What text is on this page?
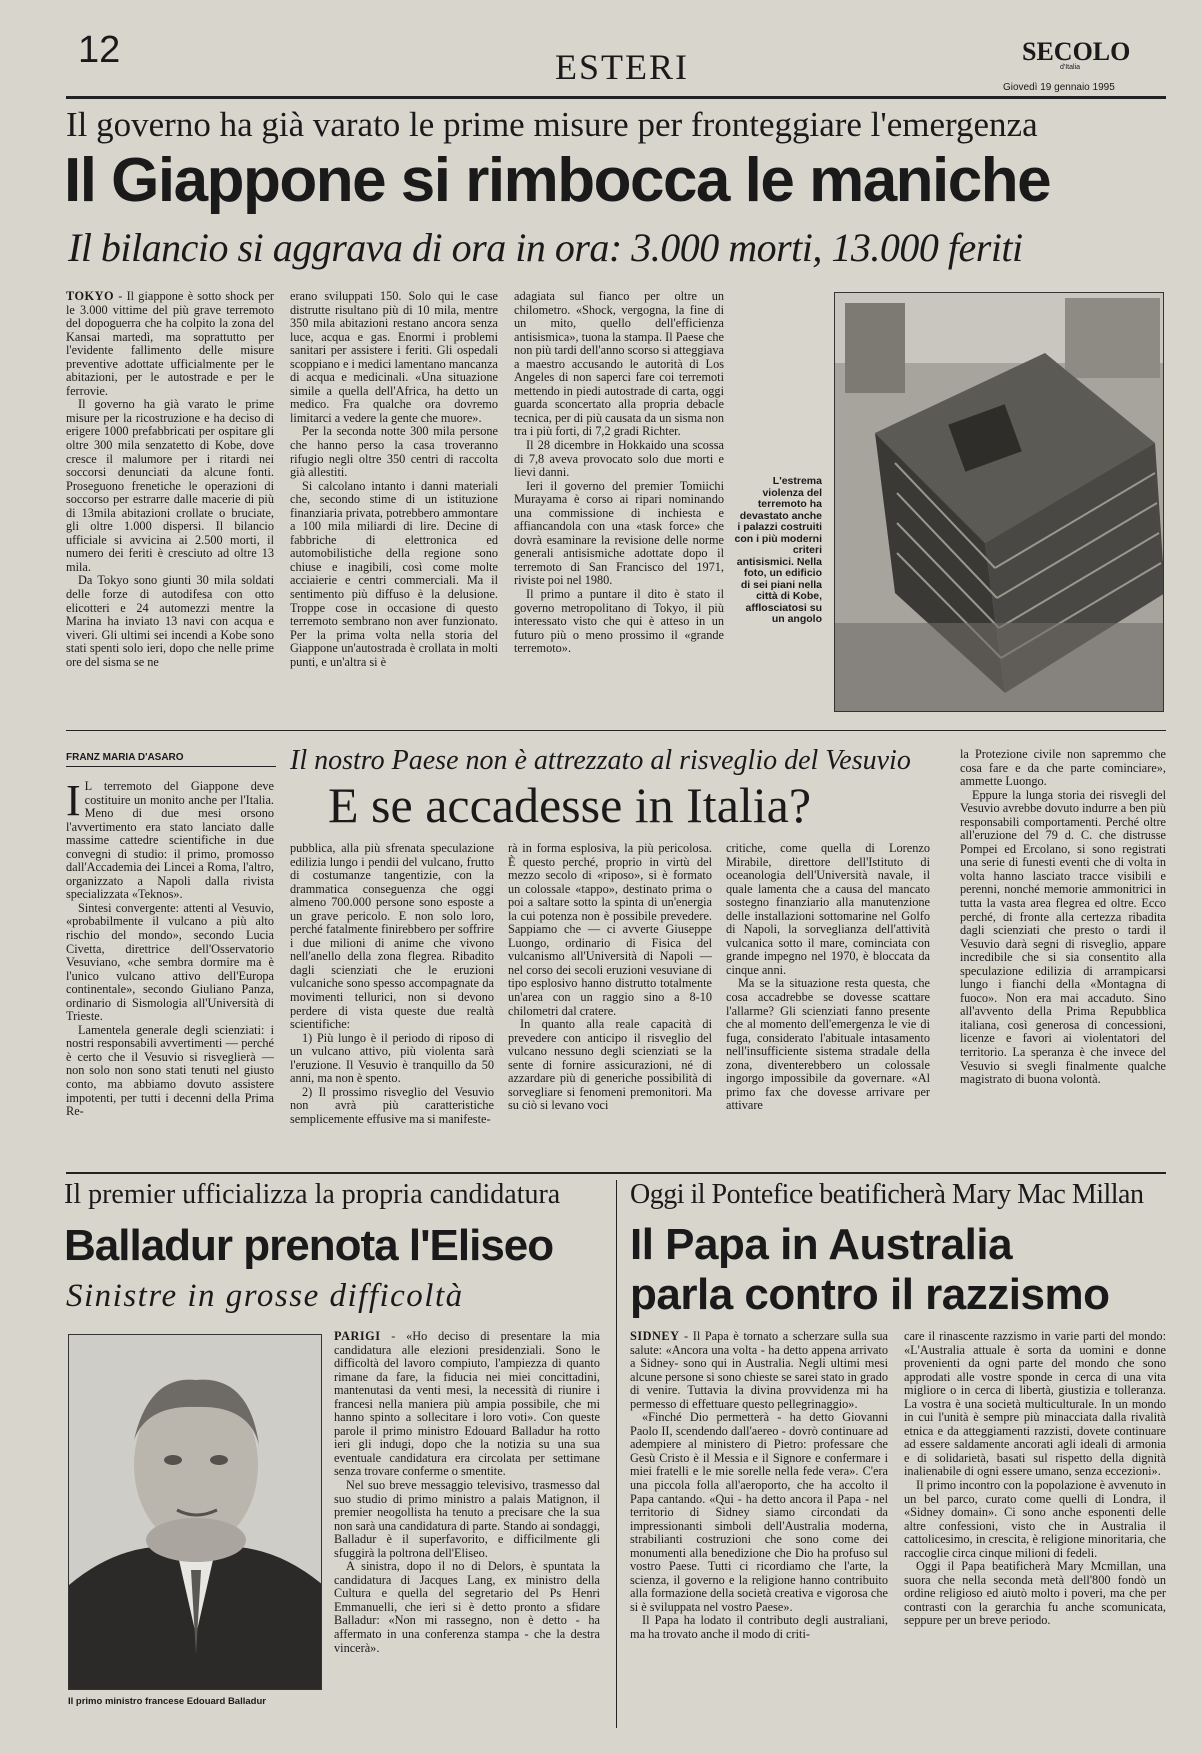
12	ESTERI	SECOLO
d'Italia
Giovedì 19 gennaio 1995
Il governo ha già varato le prime misure per fronteggiare l'emergenza
Il Giappone si rimbocca le maniche
Il bilancio si aggrava di ora in ora: 3.000 morti, 13.000 feriti

TOKYO - Il giappone è sotto shock per le 3.000 vittime del più grave terremoto del dopoguerra che ha colpito la zona del Kansai martedì, ma soprattutto per l'evidente fallimento delle misure preventive adottate ufficialmente per le abitazioni, per le autostrade e per le ferrovie.

Il governo ha già varato le prime misure per la ricostruzione e ha deciso di erigere 1000 prefabbricati per ospitare gli oltre 300 mila senzatetto di Kobe, dove cresce il malumore per i ritardi nei soccorsi denunciati da alcune fonti. Proseguono frenetiche le operazioni di soccorso per estrarre dalle macerie di più di 13mila abitazioni crollate o bruciate, gli oltre 1.000 dispersi. Il bilancio ufficiale si avvicina ai 2.500 morti, il numero dei feriti è cresciuto ad oltre 13 mila.

Da Tokyo sono giunti 30 mila soldati delle forze di autodifesa con otto elicotteri e 24 automezzi mentre la Marina ha inviato 13 navi con acqua e viveri. Gli ultimi sei incendi a Kobe sono stati spenti solo ieri, dopo che nelle prime ore del sisma se ne

erano sviluppati 150. Solo qui le case distrutte risultano più di 10 mila, mentre 350 mila abitazioni restano ancora senza luce, acqua e gas. Enormi i problemi sanitari per assistere i feriti. Gli ospedali scoppiano e i medici lamentano mancanza di acqua e medicinali. «Una situazione simile a quella dell'Africa, ha detto un medico. Fra qualche ora dovremo limitarci a vedere la gente che muore».

Per la seconda notte 300 mila persone che hanno perso la casa troveranno rifugio negli oltre 350 centri di raccolta già allestiti.

Si calcolano intanto i danni materiali che, secondo stime di un istituzione finanziaria privata, potrebbero ammontare a 100 mila miliardi di lire. Decine di fabbriche di elettronica ed automobilistiche della regione sono chiuse e inagibili, così come molte acciaierie e centri commerciali. Ma il sentimento più diffuso è la delusione. Troppe cose in occasione di questo terremoto sembrano non aver funzionato. Per la prima volta nella storia del Giappone un'autostrada è crollata in molti punti, e un'altra si è

adagiata sul fianco per oltre un chilometro. «Shock, vergogna, la fine di un mito, quello dell'efficienza antisismica», tuona la stampa. Il Paese che non più tardi dell'anno scorso si atteggiava a maestro accusando le autorità di Los Angeles di non saperci fare coi terremoti mettendo in piedi autostrade di carta, oggi guarda sconcertato alla propria debacle tecnica, per di più causata da un sisma non tra i più forti, di 7,2 gradi Richter.

Il 28 dicembre in Hokkaido una scossa di 7,8 aveva provocato solo due morti e lievi danni.

Ieri il governo del premier Tomiichi Murayama è corso ai ripari nominando una commissione di inchiesta e affiancandola con una «task force» che dovrà esaminare la revisione delle norme generali antisismiche adottate dopo il terremoto di San Francisco del 1971, riviste poi nel 1980.

Il primo a puntare il dito è stato il governo metropolitano di Tokyo, il più interessato visto che qui è atteso in un futuro più o meno prossimo il «grande terremoto».

L'estrema violenza del terremoto ha devastato anche i palazzi costruiti con i più moderni criteri antisismici. Nella foto, un edificio di sei piani nella città di Kobe, afflosciatosi su un angolo
FRANZ MARIA D'ASARO	Il nostro Paese non è attrezzato al risveglio del Vesuvio
E se accadesse in Italia?

I L terremoto del Giappone deve costituire un monito anche per l'Italia. Meno di due mesi orsono l'avvertimento era stato lanciato dalle massime cattedre scientifiche in due convegni di studio: il primo, promosso dall'Accademia dei Lincei a Roma, l'altro, organizzato a Napoli dalla rivista specializzata «Teknos».

Sintesi convergente: attenti al Vesuvio, «probabilmente il vulcano a più alto rischio del mondo», secondo Lucia Civetta, direttrice dell'Osservatorio Vesuviano, «che sembra dormire ma è l'unico vulcano attivo dell'Europa continentale», secondo Giuliano Panza, ordinario di Sismologia all'Università di Trieste.

Lamentela generale degli scienziati: i nostri responsabili avvertimenti — perché è certo che il Vesuvio si risveglierà — non solo non sono stati tenuti nel giusto conto, ma abbiamo dovuto assistere impotenti, per tutti i decenni della Prima Re-

pubblica, alla più sfrenata speculazione edilizia lungo i pendii del vulcano, frutto di costumanze tangentizie, con la drammatica conseguenza che oggi almeno 700.000 persone sono esposte a un grave pericolo. E non solo loro, perché fatalmente finirebbero per soffrire i due milioni di anime che vivono nell'anello della zona flegrea. Ribadito dagli scienziati che le eruzioni vulcaniche sono spesso accompagnate da movimenti tellurici, non si devono perdere di vista queste due realtà scientifiche:

1) Più lungo è il periodo di riposo di un vulcano attivo, più violenta sarà l'eruzione. Il Vesuvio è tranquillo da 50 anni, ma non è spento.

2) Il prossimo risveglio del Vesuvio non avrà più caratteristiche semplicemente effusive ma si manifeste-

rà in forma esplosiva, la più pericolosa. È questo perché, proprio in virtù del mezzo secolo di «riposo», si è formato un colossale «tappo», destinato prima o poi a saltare sotto la spinta di un'energia la cui potenza non è possibile prevedere. Sappiamo che — ci avverte Giuseppe Luongo, ordinario di Fisica del vulcanismo all'Università di Napoli — nel corso dei secoli eruzioni vesuviane di tipo esplosivo hanno distrutto totalmente un'area con un raggio sino a 8-10 chilometri dal cratere.

In quanto alla reale capacità di prevedere con anticipo il risveglio del vulcano nessuno degli scienziati se la sente di fornire assicurazioni, né di azzardare più di generiche possibilità di sorvegliare si fenomeni premonitori. Ma su ciò si levano voci

critiche, come quella di Lorenzo Mirabile, direttore dell'Istituto di oceanologia dell'Università navale, il quale lamenta che a causa del mancato sostegno finanziario alla manutenzione delle installazioni sottomarine nel Golfo di Napoli, la sorveglianza dell'attività vulcanica sotto il mare, cominciata con grande impegno nel 1970, è bloccata da cinque anni.

Ma se la situazione resta questa, che cosa accadrebbe se dovesse scattare l'allarme? Gli scienziati fanno presente che al momento dell'emergenza le vie di fuga, considerato l'abituale intasamento nell'insufficiente sistema stradale della zona, diventerebbero un colossale ingorgo impossibile da governare. «Al primo fax che dovesse arrivare per attivare

la Protezione civile non sapremmo che cosa fare e da che parte cominciare», ammette Luongo.

Eppure la lunga storia dei risvegli del Vesuvio avrebbe dovuto indurre a ben più responsabili comportamenti. Perché oltre all'eruzione del 79 d. C. che distrusse Pompei ed Ercolano, si sono registrati una serie di funesti eventi che di volta in volta hanno lasciato tracce visibili e perenni, nonché memorie ammonitrici in tutta la vasta area flegrea ed oltre. Ecco perché, di fronte alla certezza ribadita dagli scienziati che presto o tardi il Vesuvio darà segni di risveglio, appare incredibile che si sia consentito alla speculazione edilizia di arrampicarsi lungo i fianchi della «Montagna di fuoco». Non era mai accaduto. Sino all'avvento della Prima Repubblica italiana, così generosa di concessioni, licenze e favori ai violentatori del territorio. La speranza è che invece del Vesuvio si svegli finalmente qualche magistrato di buona volontà.

Il premier ufficializza la propria candidatura
Balladur prenota l'Eliseo
Sinistre in grosse difficoltà
Il primo ministro francese Edouard Balladur

PARIGI - «Ho deciso di presentare la mia candidatura alle elezioni presidenziali. Sono le difficoltà del lavoro compiuto, l'ampiezza di quanto rimane da fare, la fiducia nei miei concittadini, mantenutasi da venti mesi, la necessità di riunire i francesi nella maniera più ampia possibile, che mi hanno spinto a sollecitare i loro voti». Con queste parole il primo ministro Edouard Balladur ha rotto ieri gli indugi, dopo che la notizia su una sua eventuale candidatura era circolata per settimane senza trovare conferme o smentite.

Nel suo breve messaggio televisivo, trasmesso dal suo studio di primo ministro a palais Matignon, il premier neogollista ha tenuto a precisare che la sua non sarà una candidatura di parte. Stando ai sondaggi, Balladur è il superfavorito, e difficilmente gli sfuggirà la poltrona dell'Eliseo.

A sinistra, dopo il no di Delors, è spuntata la candidatura di Jacques Lang, ex ministro della Cultura e quella del segretario del Ps Henri Emmanuelli, che ieri si è detto pronto a sfidare Balladur: «Non mi rassegno, non è detto - ha affermato in una conferenza stampa - che la destra vincerà».

Oggi il Pontefice beatificherà Mary Mac Millan
Il Papa in Australia
parla contro il razzismo

SIDNEY - Il Papa è tornato a scherzare sulla sua salute: «Ancora una volta - ha detto appena arrivato a Sidney- sono qui in Australia. Negli ultimi mesi alcune persone si sono chieste se sarei stato in grado di venire. Tuttavia la divina provvidenza mi ha permesso di effettuare questo pellegrinaggio».

«Finché Dio permetterà - ha detto Giovanni Paolo II, scendendo dall'aereo - dovrò continuare ad adempiere al ministero di Pietro: professare che Gesù Cristo è il Messia e il Signore e confermare i miei fratelli e le mie sorelle nella fede vera». C'era una piccola folla all'aeroporto, che ha accolto il Papa cantando. «Qui - ha detto ancora il Papa - nel territorio di Sidney siamo circondati da impressionanti simboli dell'Australia moderna, strabilianti costruzioni che sono come dei monumenti alla benedizione che Dio ha profuso sul vostro Paese. Tutti ci ricordiamo che l'arte, la scienza, il governo e la religione hanno contribuito alla formazione della società creativa e vigorosa che si è sviluppata nel vostro Paese».

Il Papa ha lodato il contributo degli australiani, ma ha trovato anche il modo di criti-

care il rinascente razzismo in varie parti del mondo: «L'Australia attuale è sorta da uomini e donne provenienti da ogni parte del mondo che sono approdati alle vostre sponde in cerca di una vita migliore o in cerca di libertà, giustizia e tolleranza. La vostra è una società multiculturale. In un mondo in cui l'unità è sempre più minacciata dalla rivalità etnica e da atteggiamenti razzisti, dovete continuare ad essere saldamente ancorati agli ideali di armonia e di solidarietà, basati sul rispetto della dignità inalienabile di ogni essere umano, senza eccezioni».

Il primo incontro con la popolazione è avvenuto in un bel parco, curato come quelli di Londra, il «Sidney domain». Ci sono anche esponenti delle altre confessioni, visto che in Australia il cattolicesimo, in crescita, è religione minoritaria, che raccoglie circa cinque milioni di fedeli.

Oggi il Papa beatificherà Mary Mcmillan, una suora che nella seconda metà dell'800 fondò un ordine religioso ed aiutò molto i poveri, ma che per contrasti con la gerarchia fu anche scomunicata, seppure per un breve periodo.
